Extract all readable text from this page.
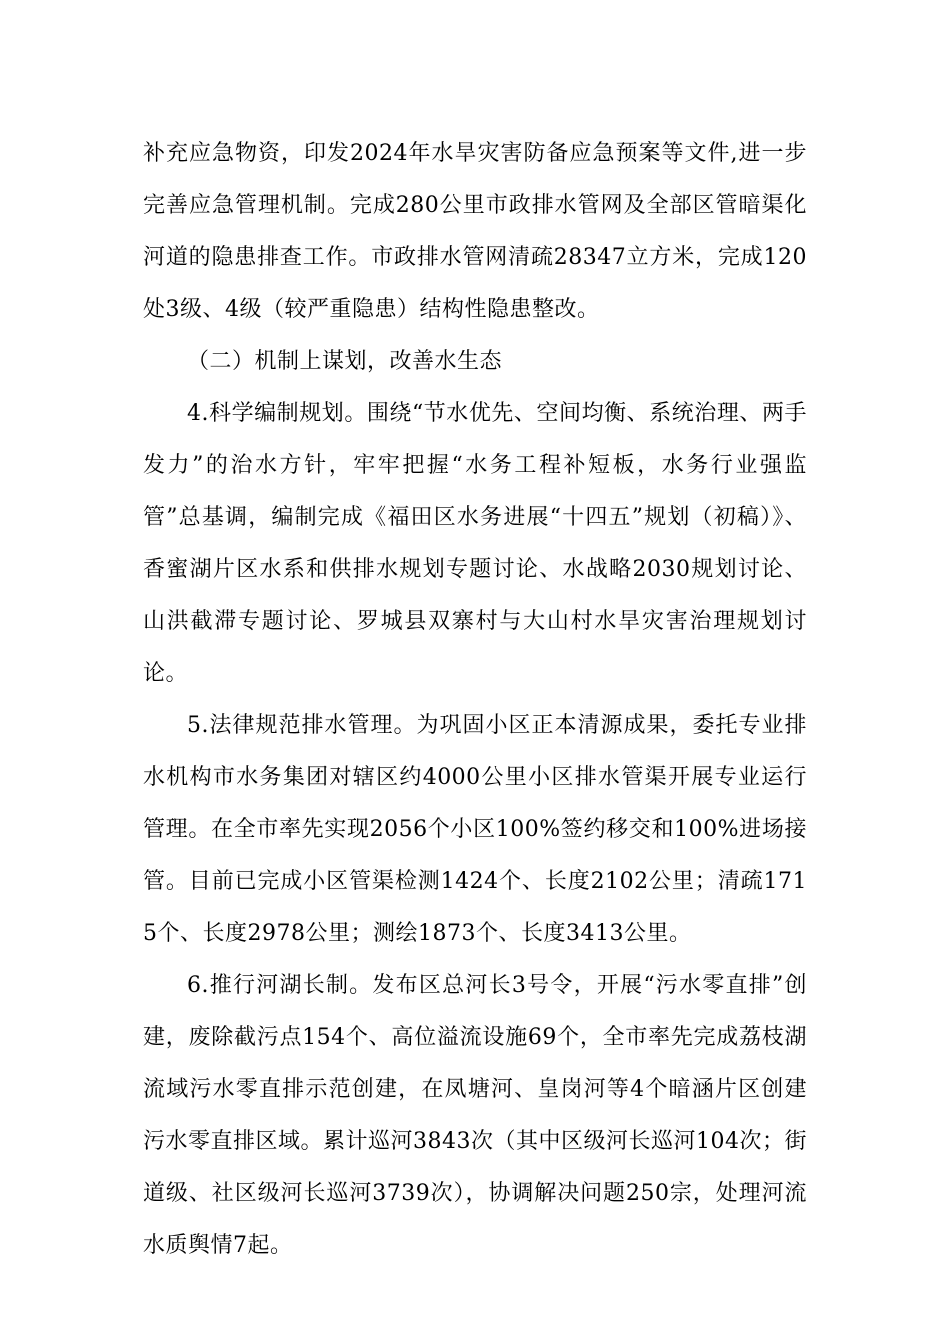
补充应急物资，印发2024年水旱灾害防备应急预案等文件,进一步完善应急管理机制。完成280公里市政排水管网及全部区管暗渠化河道的隐患排查工作。市政排水管网清疏28347立方米，完成120处3级、4级（较严重隐患）结构性隐患整改。

（二）机制上谋划，改善水生态

4.科学编制规划。围绕“节水优先、空间均衡、系统治理、两手发力”的治水方针，牢牢把握“水务工程补短板，水务行业强监管”总基调，编制完成《福田区水务进展“十四五”规划（初稿）》、香蜜湖片区水系和供排水规划专题讨论、水战略2030规划讨论、山洪截滞专题讨论、罗城县双寨村与大山村水旱灾害治理规划讨论。

5.法律规范排水管理。为巩固小区正本清源成果，委托专业排水机构市水务集团对辖区约4000公里小区排水管渠开展专业运行管理。在全市率先实现2056个小区100%签约移交和100%进场接管。目前已完成小区管渠检测1424个、长度2102公里；清疏1715个、长度2978公里；测绘1873个、长度3413公里。

6.推行河湖长制。发布区总河长3号令，开展“污水零直排”创建，废除截污点154个、高位溢流设施69个，全市率先完成荔枝湖流域污水零直排示范创建，在凤塘河、皇岗河等4个暗涵片区创建污水零直排区域。累计巡河3843次（其中区级河长巡河104次；街道级、社区级河长巡河3739次），协调解决问题250宗，处理河流水质舆情7起。
